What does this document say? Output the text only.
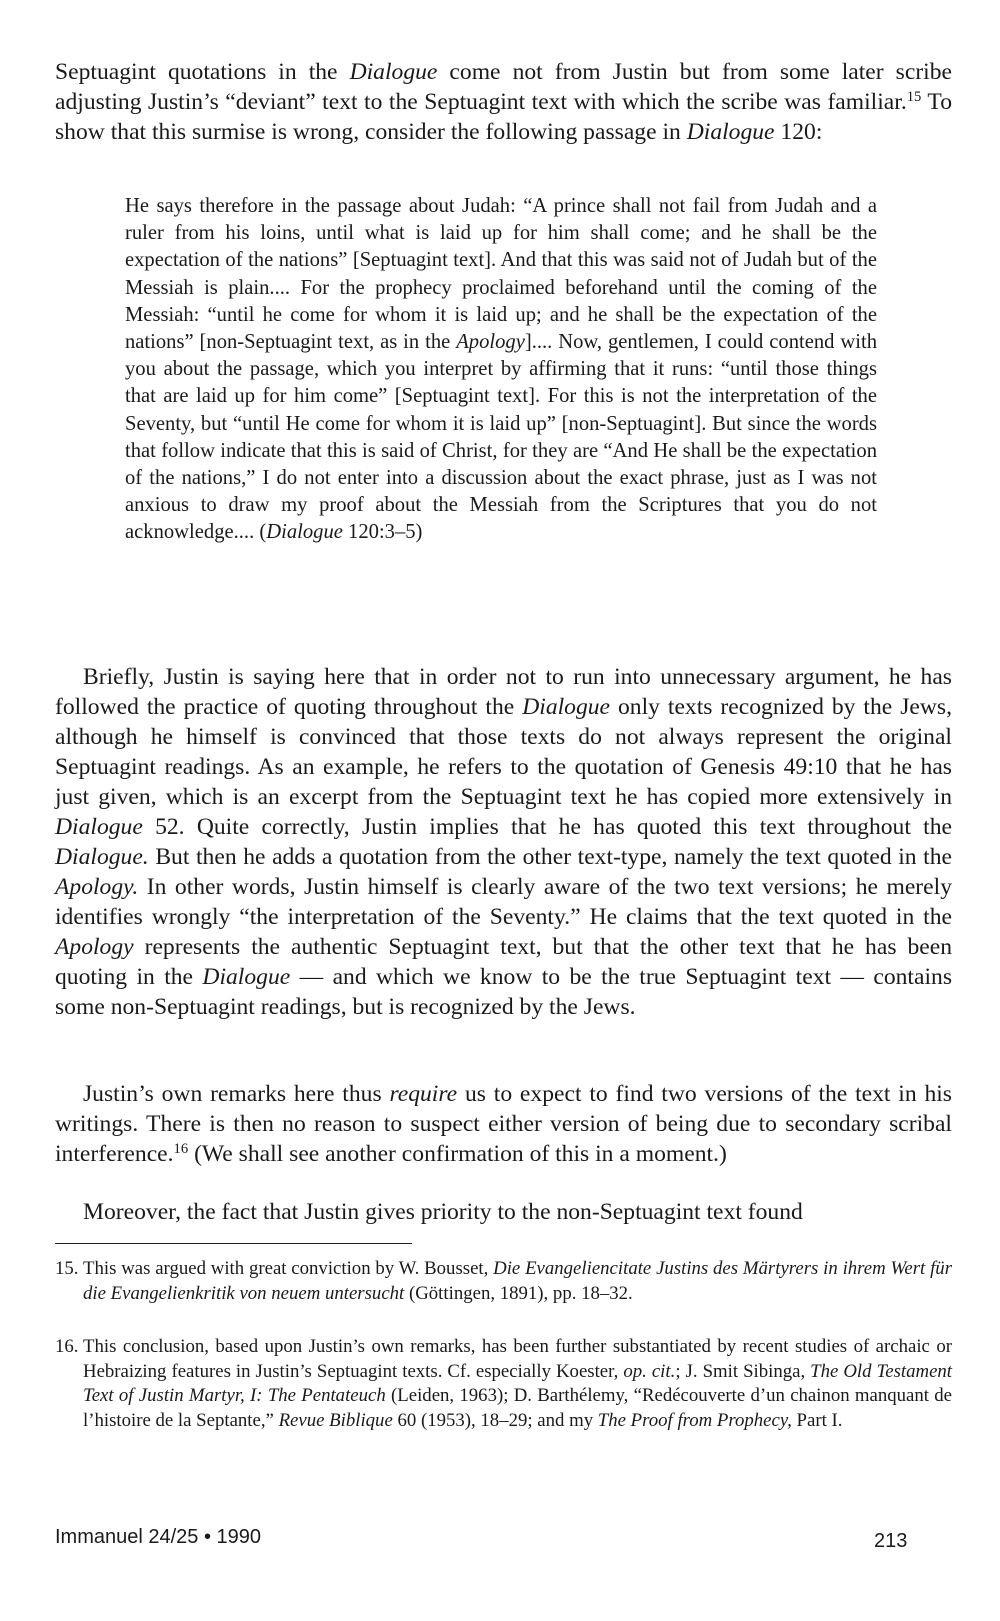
Septuagint quotations in the Dialogue come not from Justin but from some later scribe adjusting Justin’s “deviant” text to the Septuagint text with which the scribe was familiar.$^{15}$ To show that this surmise is wrong, consider the following passage in Dialogue 120:

He says therefore in the passage about Judah: “A prince shall not fail from Judah and a ruler from his loins, until what is laid up for him shall come; and he shall be the expectation of the nations” [Septuagint text]. And that this was said not of Judah but of the Messiah is plain.... For the prophecy proclaimed beforehand until the coming of the Messiah: “until he come for whom it is laid up; and he shall be the expectation of the nations” [non-Septuagint text, as in the Apology].... Now, gentlemen, I could contend with you about the passage, which you interpret by affirming that it runs: “until those things that are laid up for him come” [Septuagint text]. For this is not the interpretation of the Seventy, but “until He come for whom it is laid up” [non-Septuagint]. But since the words that follow indicate that this is said of Christ, for they are “And He shall be the expectation of the nations,” I do not enter into a discussion about the exact phrase, just as I was not anxious to draw my proof about the Messiah from the Scriptures that you do not acknowledge.... (Dialogue 120:3–5)

Briefly, Justin is saying here that in order not to run into unnecessary argument, he has followed the practice of quoting throughout the Dialogue only texts recognized by the Jews, although he himself is convinced that those texts do not always represent the original Septuagint readings. As an example, he refers to the quotation of Genesis 49:10 that he has just given, which is an excerpt from the Septuagint text he has copied more extensively in Dialogue 52. Quite correctly, Justin implies that he has quoted this text throughout the Dialogue. But then he adds a quotation from the other text-type, namely the text quoted in the Apology. In other words, Justin himself is clearly aware of the two text versions; he merely identifies wrongly “the interpretation of the Seventy.” He claims that the text quoted in the Apology represents the authentic Septuagint text, but that the other text that he has been quoting in the Dialogue — and which we know to be the true Septuagint text — contains some non-Septuagint readings, but is recognized by the Jews.

Justin’s own remarks here thus require us to expect to find two versions of the text in his writings. There is then no reason to suspect either version of being due to secondary scribal interference.$^{16}$ (We shall see another confirmation of this in a moment.)

Moreover, the fact that Justin gives priority to the non-Septuagint text found

15. This was argued with great conviction by W. Bousset, Die Evangeliencitate Justins des Märtyrers in ihrem Wert für die Evangelienkritik von neuem untersucht (Göttingen, 1891), pp. 18–32.

16. This conclusion, based upon Justin’s own remarks, has been further substantiated by recent studies of archaic or Hebraizing features in Justin’s Septuagint texts. Cf. especially Koester, op. cit.; J. Smit Sibinga, The Old Testament Text of Justin Martyr, I: The Pentateuch (Leiden, 1963); D. Barthélemy, “Redécouverte d’un chainon manquant de l’histoire de la Septante,” Revue Biblique 60 (1953), 18–29; and my The Proof from Prophecy, Part I.

Immanuel 24/25 • 1990	213
